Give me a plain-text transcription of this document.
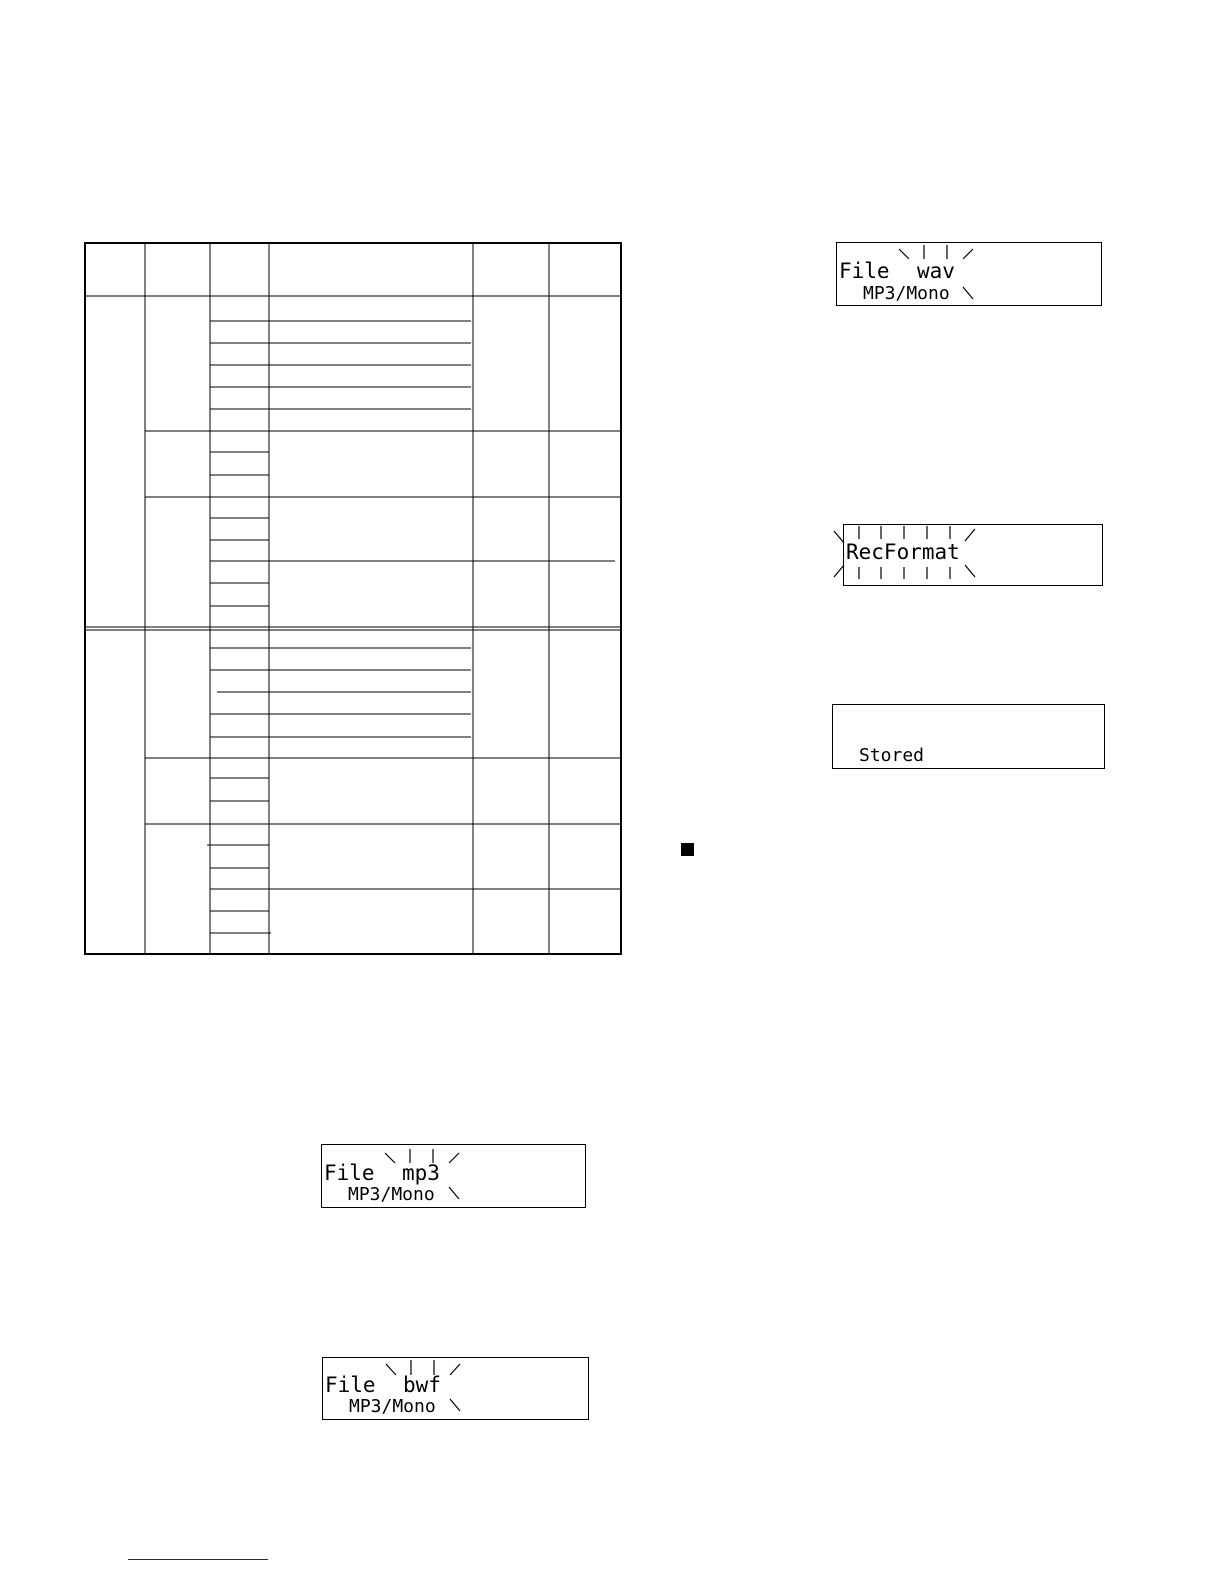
File wav
MP3/Mono
RecFormat
Stored
File mp3
MP3/Mono
File bwf
MP3/Mono
